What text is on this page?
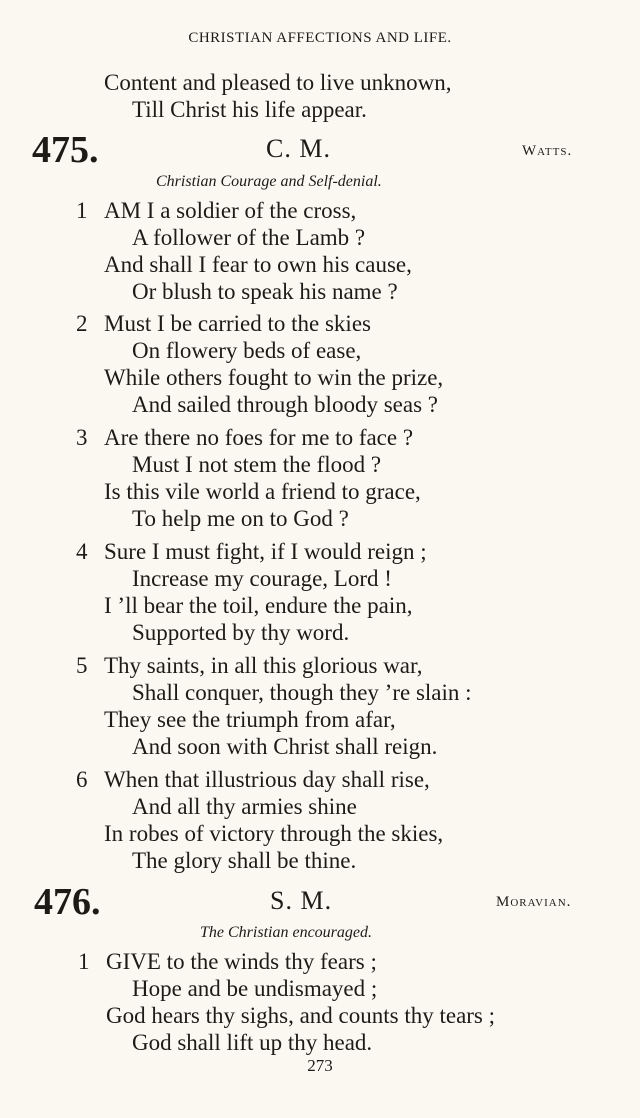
CHRISTIAN AFFECTIONS AND LIFE.
Content and pleased to live unknown,
Till Christ his life appear.
475.	C. M.	Watts.
Christian Courage and Self-denial.
1 AM I a soldier of the cross,
A follower of the Lamb ?
And shall I fear to own his cause,
Or blush to speak his name ?
2 Must I be carried to the skies
On flowery beds of ease,
While others fought to win the prize,
And sailed through bloody seas ?
3 Are there no foes for me to face ?
Must I not stem the flood ?
Is this vile world a friend to grace,
To help me on to God ?
4 Sure I must fight, if I would reign ;
Increase my courage, Lord !
I ’ll bear the toil, endure the pain,
Supported by thy word.
5 Thy saints, in all this glorious war,
Shall conquer, though they ’re slain :
They see the triumph from afar,
And soon with Christ shall reign.
6 When that illustrious day shall rise,
And all thy armies shine
In robes of victory through the skies,
The glory shall be thine.
476.	S. M.	Moravian.
The Christian encouraged.
1 GIVE to the winds thy fears ;
Hope and be undismayed ;
God hears thy sighs, and counts thy tears ;
God shall lift up thy head.
273
